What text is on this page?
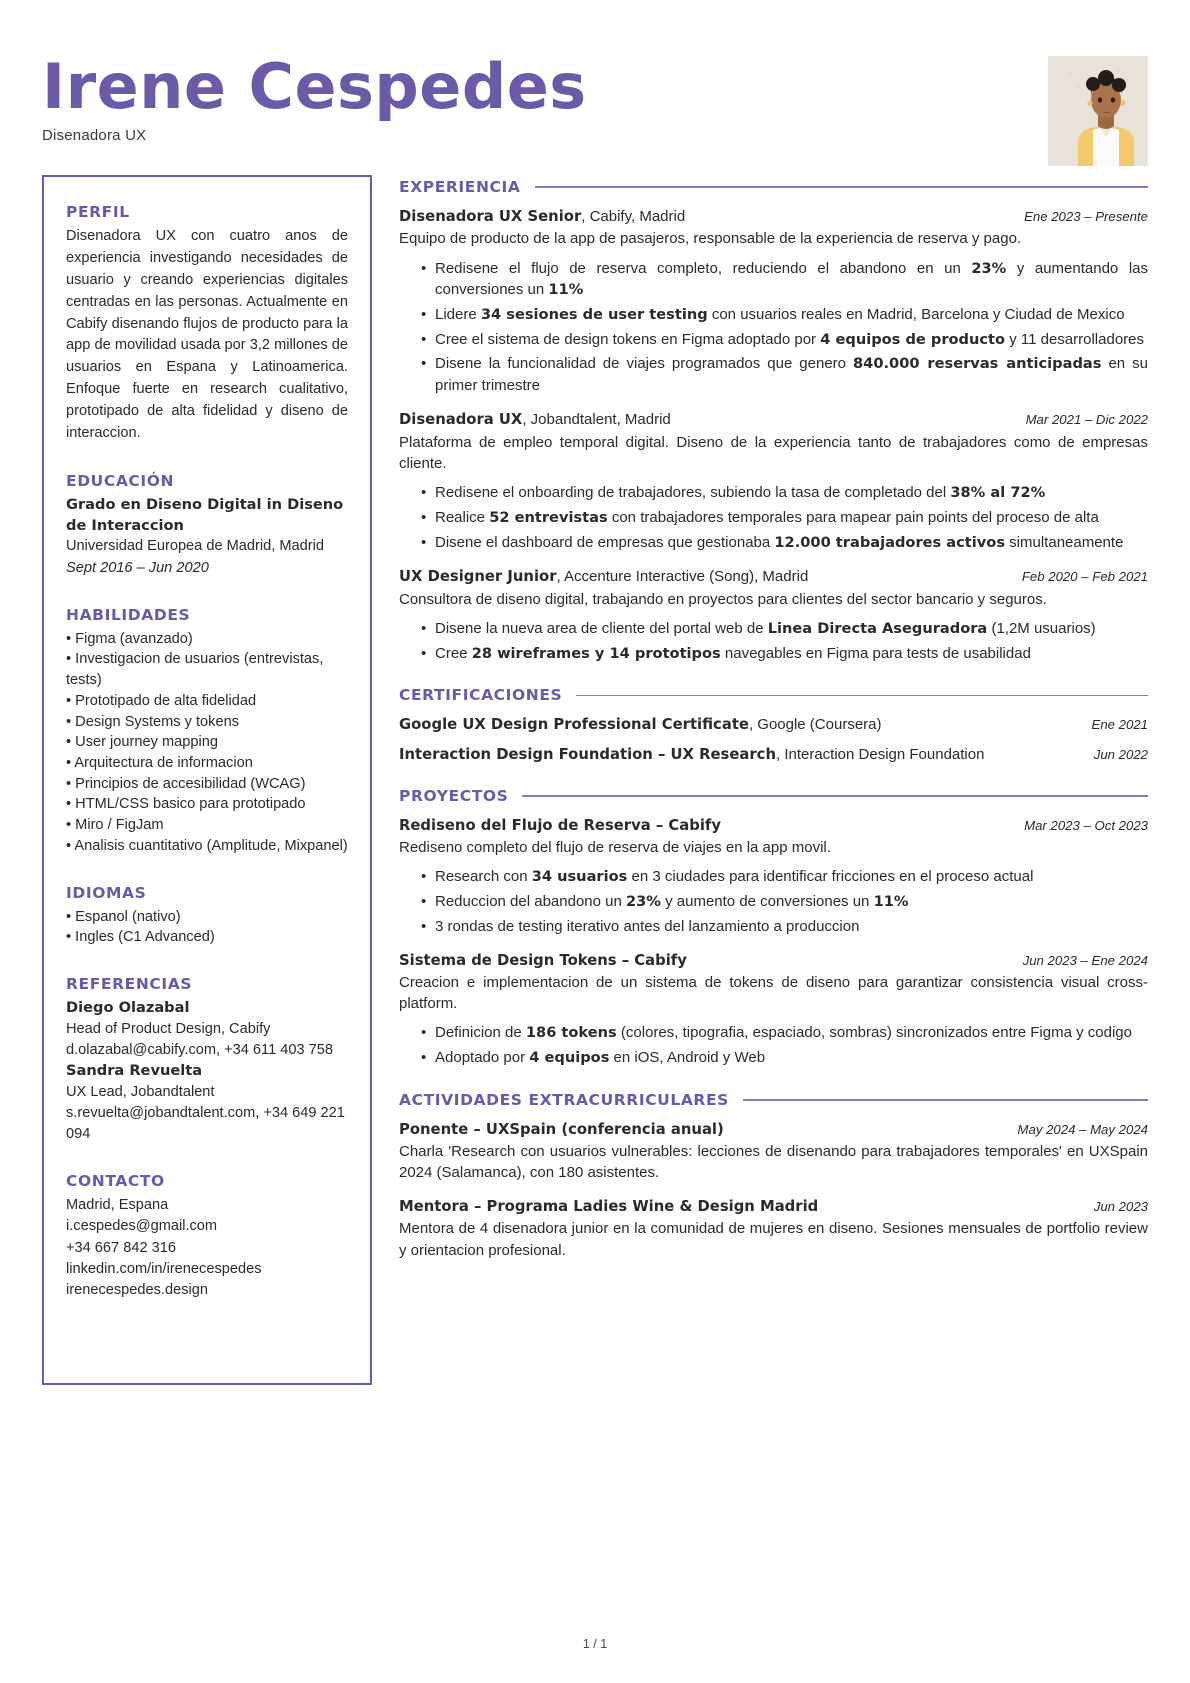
Irene Cespedes
Disenadora UX
PERFIL

Disenadora UX con cuatro anos de experiencia investigando necesidades de usuario y creando experiencias digitales centradas en las personas. Actualmente en Cabify disenando flujos de producto para la app de movilidad usada por 3,2 millones de usuarios en Espana y Latinoamerica. Enfoque fuerte en research cualitativo, prototipado de alta fidelidad y diseno de interaccion.

EDUCACIÓN
Grado en Diseno Digital in Diseno de Interaccion
Universidad Europea de Madrid, Madrid
Sept 2016 – Jun 2020
HABILIDADES
• Figma (avanzado)
• Investigacion de usuarios (entrevistas, tests)
• Prototipado de alta fidelidad
• Design Systems y tokens
• User journey mapping
• Arquitectura de informacion
• Principios de accesibilidad (WCAG)
• HTML/CSS basico para prototipado
• Miro / FigJam
• Analisis cuantitativo (Amplitude, Mixpanel)
IDIOMAS
• Espanol (nativo)
• Ingles (C1 Advanced)
REFERENCIAS
Diego Olazabal
Head of Product Design, Cabify
d.olazabal@cabify.com, +34 611 403 758
Sandra Revuelta
UX Lead, Jobandtalent
s.revuelta@jobandtalent.com, +34 649 221 094
CONTACTO
Madrid, Espana
i.cespedes@gmail.com
+34 667 842 316
linkedin.com/in/irenecespedes
irenecespedes.design
EXPERIENCIA
Disenadora UX Senior, Cabify, Madrid	Ene 2023 – Presente
Equipo de producto de la app de pasajeros, responsable de la experiencia de reserva y pago.
• Redisene el flujo de reserva completo, reduciendo el abandono en un 23% y aumentando las conversiones un 11%
• Lidere 34 sesiones de user testing con usuarios reales en Madrid, Barcelona y Ciudad de Mexico
• Cree el sistema de design tokens en Figma adoptado por 4 equipos de producto y 11 desarrolladores
• Disene la funcionalidad de viajes programados que genero 840.000 reservas anticipadas en su primer trimestre
Disenadora UX, Jobandtalent, Madrid	Mar 2021 – Dic 2022
Plataforma de empleo temporal digital. Diseno de la experiencia tanto de trabajadores como de empresas cliente.
• Redisene el onboarding de trabajadores, subiendo la tasa de completado del 38% al 72%
• Realice 52 entrevistas con trabajadores temporales para mapear pain points del proceso de alta
• Disene el dashboard de empresas que gestionaba 12.000 trabajadores activos simultaneamente
UX Designer Junior, Accenture Interactive (Song), Madrid	Feb 2020 – Feb 2021
Consultora de diseno digital, trabajando en proyectos para clientes del sector bancario y seguros.
• Disene la nueva area de cliente del portal web de Linea Directa Aseguradora (1,2M usuarios)
• Cree 28 wireframes y 14 prototipos navegables en Figma para tests de usabilidad
CERTIFICACIONES
Google UX Design Professional Certificate, Google (Coursera)	Ene 2021
Interaction Design Foundation – UX Research, Interaction Design Foundation	Jun 2022
PROYECTOS
Rediseno del Flujo de Reserva – Cabify	Mar 2023 – Oct 2023
Rediseno completo del flujo de reserva de viajes en la app movil.
• Research con 34 usuarios en 3 ciudades para identificar fricciones en el proceso actual
• Reduccion del abandono un 23% y aumento de conversiones un 11%
• 3 rondas de testing iterativo antes del lanzamiento a produccion
Sistema de Design Tokens – Cabify	Jun 2023 – Ene 2024
Creacion e implementacion de un sistema de tokens de diseno para garantizar consistencia visual cross-platform.
• Definicion de 186 tokens (colores, tipografia, espaciado, sombras) sincronizados entre Figma y codigo
• Adoptado por 4 equipos en iOS, Android y Web
ACTIVIDADES EXTRACURRICULARES
Ponente – UXSpain (conferencia anual)	May 2024 – May 2024
Charla 'Research con usuarios vulnerables: lecciones de disenando para trabajadores temporales' en UXSpain 2024 (Salamanca), con 180 asistentes.
Mentora – Programa Ladies Wine & Design Madrid	Jun 2023
Mentora de 4 disenadora junior en la comunidad de mujeres en diseno. Sesiones mensuales de portfolio review y orientacion profesional.
1 / 1
